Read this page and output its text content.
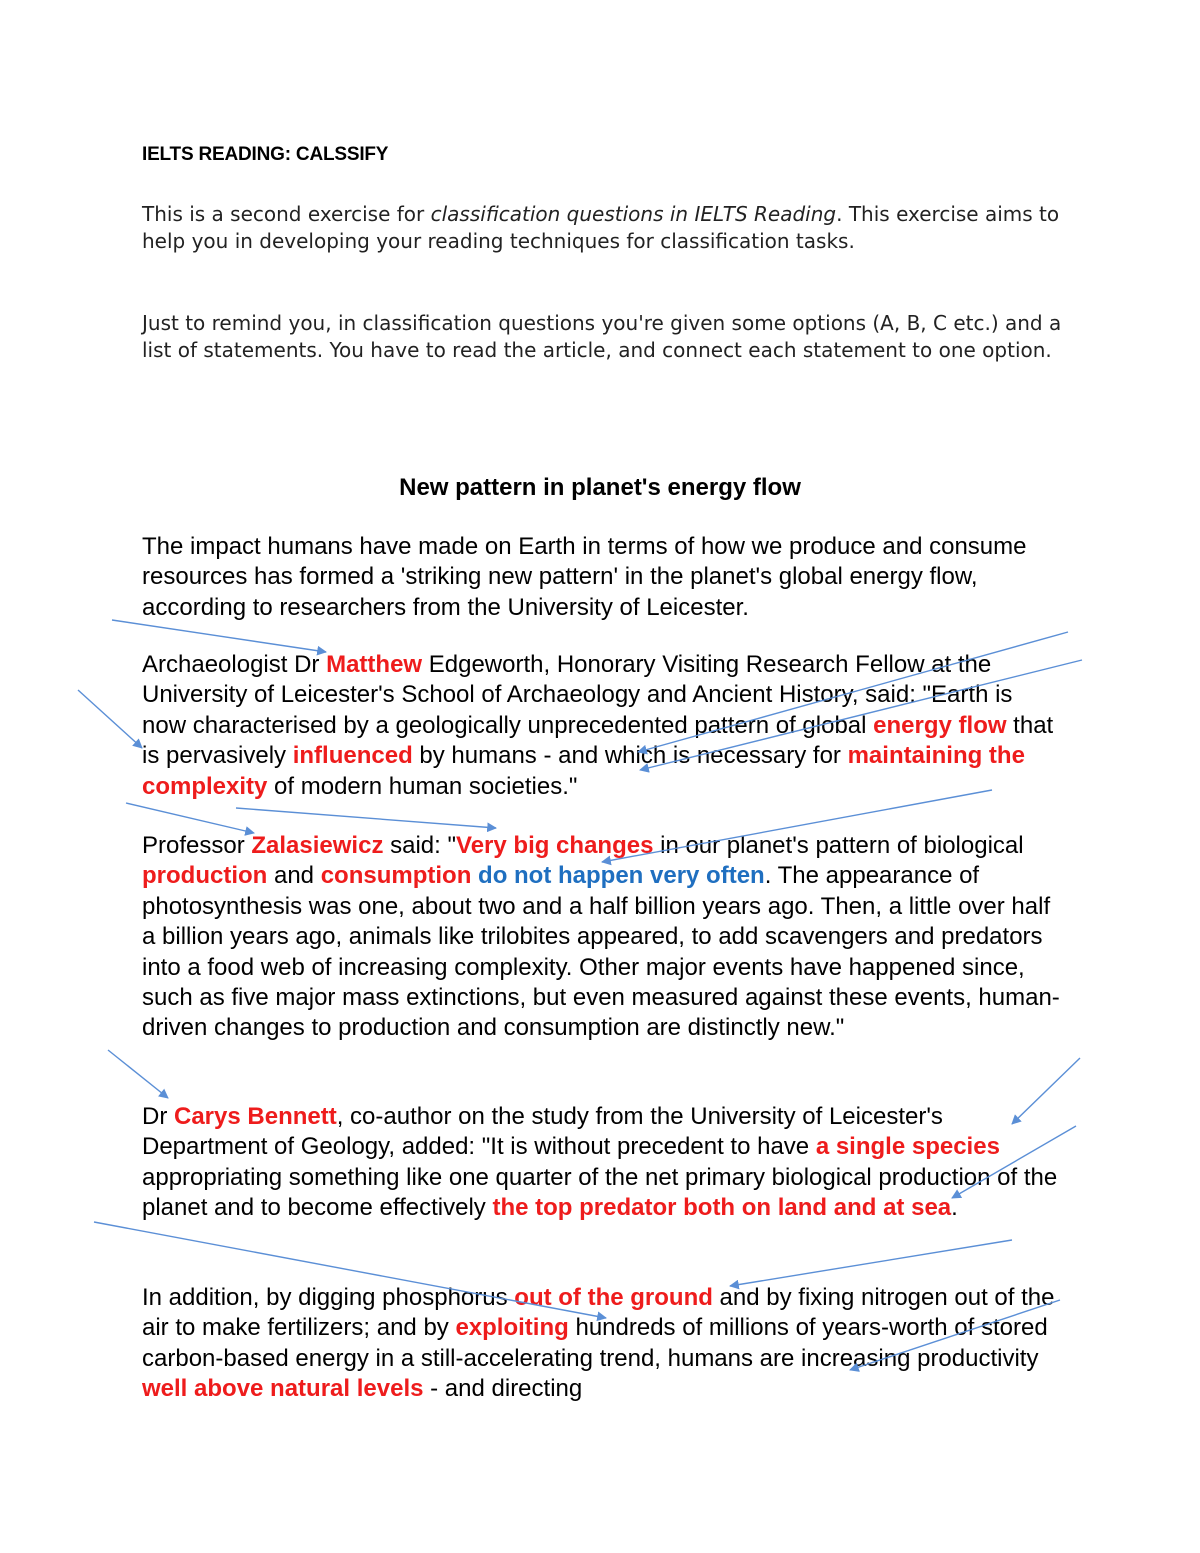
IELTS READING: CALSSIFY

This is a second exercise for classification questions in IELTS Reading. This exercise aims to help you in developing your reading techniques for classification tasks.

Just to remind you, in classification questions you're given some options (A, B, C etc.) and a list of statements. You have to read the article, and connect each statement to one option.

New pattern in planet's energy flow

The impact humans have made on Earth in terms of how we produce and consume resources has formed a 'striking new pattern' in the planet's global energy flow, according to researchers from the University of Leicester.

Archaeologist Dr Matthew Edgeworth, Honorary Visiting Research Fellow at the University of Leicester's School of Archaeology and Ancient History, said: "Earth is now characterised by a geologically unprecedented pattern of global energy flow that is pervasively influenced by humans - and which is necessary for maintaining the complexity of modern human societies."

Professor Zalasiewicz said: "Very big changes in our planet's pattern of biological production and consumption do not happen very often. The appearance of photosynthesis was one, about two and a half billion years ago. Then, a little over half a billion years ago, animals like trilobites appeared, to add scavengers and predators into a food web of increasing complexity. Other major events have happened since, such as five major mass extinctions, but even measured against these events, human-driven changes to production and consumption are distinctly new."

Dr Carys Bennett, co-author on the study from the University of Leicester's Department of Geology, added: "It is without precedent to have a single species appropriating something like one quarter of the net primary biological production of the planet and to become effectively the top predator both on land and at sea.

In addition, by digging phosphorus out of the ground and by fixing nitrogen out of the air to make fertilizers; and by exploiting hundreds of millions of years-worth of stored carbon-based energy in a still-accelerating trend, humans are increasing productivity well above natural levels - and directing
